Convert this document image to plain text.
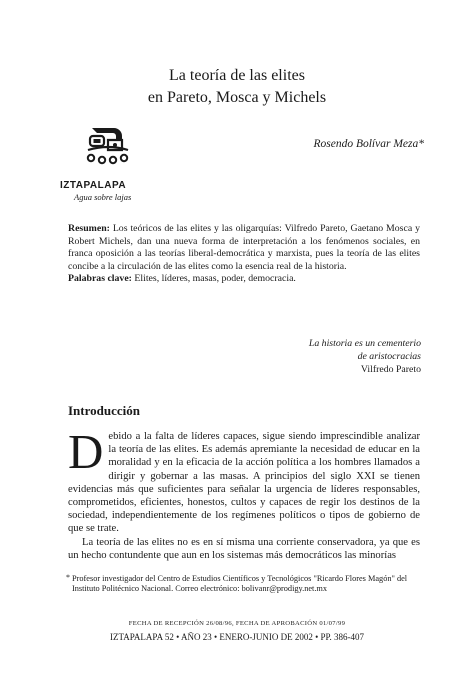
La teoría de las elites
en Pareto, Mosca y Michels
Rosendo Bolívar Meza*
IZTAPALAPA
Agua sobre lajas
Resumen: Los teóricos de las elites y las oligarquías: Vilfredo Pareto, Gaetano Mosca y Robert Michels, dan una nueva forma de interpretación a los fenómenos sociales, en franca oposición a las teorías liberal-democrática y marxista, pues la teoría de las elites concibe a la circulación de las elites como la esencia real de la historia.
Palabras clave: Elites, líderes, masas, poder, democracia.
La historia es un cementerio
de aristocracias
Vilfredo Pareto
Introducción

D ebido a la falta de líderes capaces, sigue siendo imprescindible analizar la teoría de las elites. Es además apremiante la necesidad de educar en la moralidad y en la eficacia de la acción política a los hombres llamados a dirigir y gobernar a las masas. A principios del siglo XXI se tienen evidencias más que suficientes para señalar la urgencia de líderes responsables, comprometidos, eficientes, honestos, cultos y capaces de regir los destinos de la sociedad, independientemente de los regímenes políticos o tipos de gobierno de que se trate.

La teoría de las elites no es en sí misma una corriente conservadora, ya que es un hecho contundente que aun en los sistemas más democráticos las minorías

* Profesor investigador del Centro de Estudios Científicos y Tecnológicos "Ricardo Flores Magón" del Instituto Politécnico Nacional. Correo electrónico: bolivanr@prodigy.net.mx
FECHA DE RECEPCIÓN 26/08/96, FECHA DE APROBACIÓN 01/07/99
IZTAPALAPA 52 • AÑO 23 • ENERO-JUNIO DE 2002 • PP. 386-407
